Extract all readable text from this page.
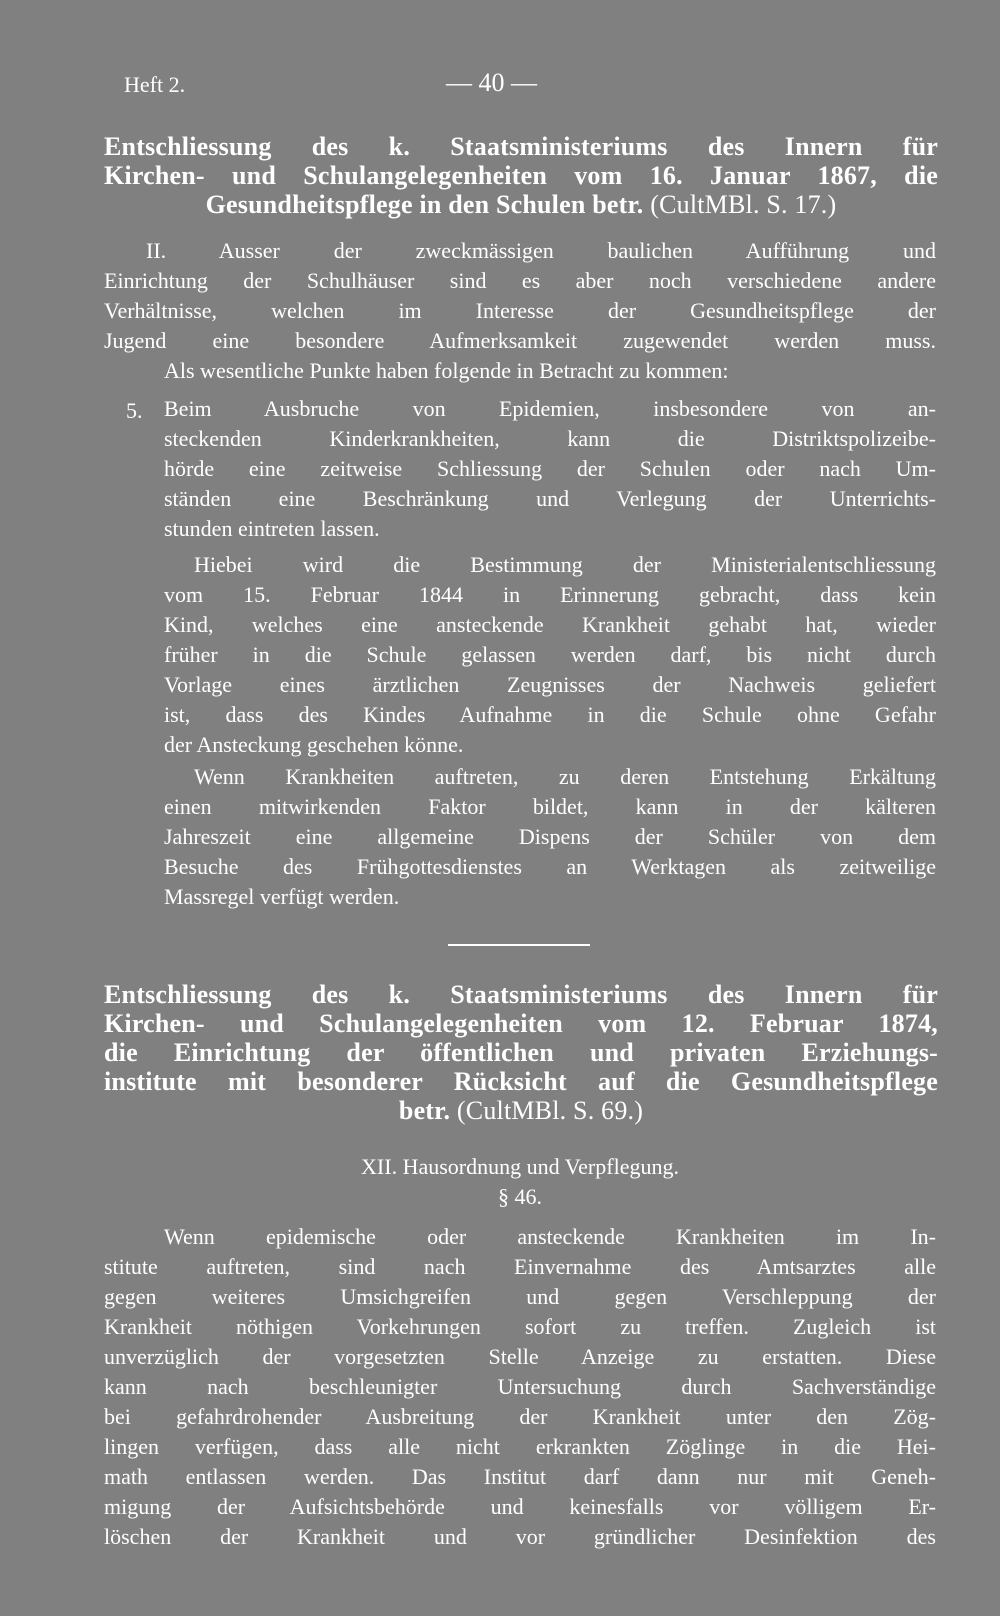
Heft 2.	— 40 —
Entschliessung des k. Staatsministeriums des Innern für
Kirchen- und Schulangelegenheiten vom 16. Januar 1867, die
Gesundheitspflege in den Schulen betr. (CultMBl. S. 17.)
II. Ausser der zweckmässigen baulichen Aufführung und
Einrichtung der Schulhäuser sind es aber noch verschiedene andere
Verhältnisse, welchen im Interesse der Gesundheitspflege der
Jugend eine besondere Aufmerksamkeit zugewendet werden muss.
Als wesentliche Punkte haben folgende in Betracht zu kommen:
5. Beim Ausbruche von Epidemien, insbesondere von an-
steckenden Kinderkrankheiten, kann die Distriktspolizeibe-
hörde eine zeitweise Schliessung der Schulen oder nach Um-
ständen eine Beschränkung und Verlegung der Unterrichts-
stunden eintreten lassen.
Hiebei wird die Bestimmung der Ministerialentschliessung
vom 15. Februar 1844 in Erinnerung gebracht, dass kein
Kind, welches eine ansteckende Krankheit gehabt hat, wieder
früher in die Schule gelassen werden darf, bis nicht durch
Vorlage eines ärztlichen Zeugnisses der Nachweis geliefert
ist, dass des Kindes Aufnahme in die Schule ohne Gefahr
der Ansteckung geschehen könne.
Wenn Krankheiten auftreten, zu deren Entstehung Erkältung
einen mitwirkenden Faktor bildet, kann in der kälteren
Jahreszeit eine allgemeine Dispens der Schüler von dem
Besuche des Frühgottesdienstes an Werktagen als zeitweilige
Massregel verfügt werden.
Entschliessung des k. Staatsministeriums des Innern für
Kirchen- und Schulangelegenheiten vom 12. Februar 1874,
die Einrichtung der öffentlichen und privaten Erziehungs-
institute mit besonderer Rücksicht auf die Gesundheitspflege
betr. (CultMBl. S. 69.)
XII. Hausordnung und Verpflegung.
§ 46.
Wenn epidemische oder ansteckende Krankheiten im In-
stitute auftreten, sind nach Einvernahme des Amtsarztes alle
gegen weiteres Umsichgreifen und gegen Verschleppung der
Krankheit nöthigen Vorkehrungen sofort zu treffen. Zugleich ist
unverzüglich der vorgesetzten Stelle Anzeige zu erstatten. Diese
kann nach beschleunigter Untersuchung durch Sachverständige
bei gefahrdrohender Ausbreitung der Krankheit unter den Zög-
lingen verfügen, dass alle nicht erkrankten Zöglinge in die Hei-
math entlassen werden. Das Institut darf dann nur mit Geneh-
migung der Aufsichtsbehörde und keinesfalls vor völligem Er-
löschen der Krankheit und vor gründlicher Desinfektion des
